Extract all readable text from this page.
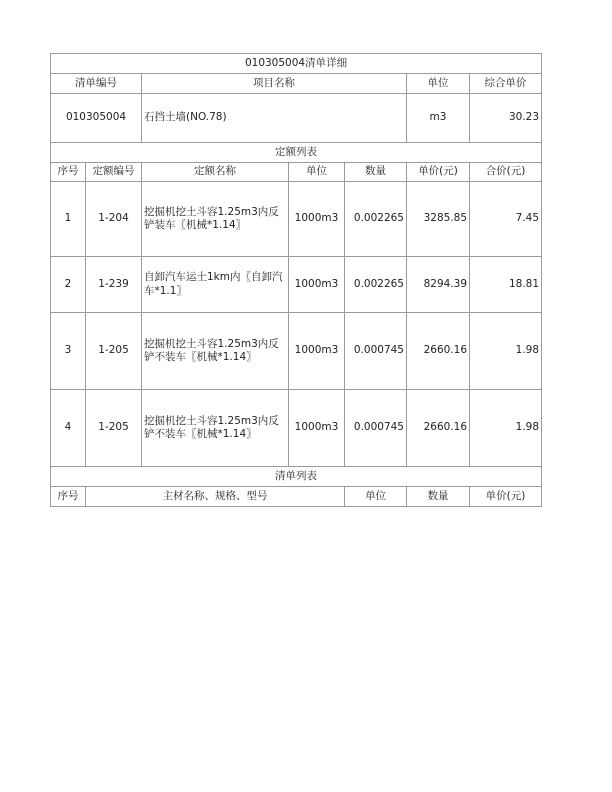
010305004清单详细						
清单编号		项目名称			单位	综合单价
010305004		石挡土墙(NO.78)			m3	30.23
定额列表						
序号	定额编号	定额名称	单位	数量	单价(元)	合价(元)
1	1-204	挖掘机挖土斗容1.25m3内反铲装车〖机械*1.14〗	1000m3	0.002265	3285.85	7.45
2	1-239	自卸汽车运土1km内〖自卸汽车*1.1〗	1000m3	0.002265	8294.39	18.81
3	1-205	挖掘机挖土斗容1.25m3内反铲不装车〖机械*1.14〗	1000m3	0.000745	2660.16	1.98
4	1-205	挖掘机挖土斗容1.25m3内反铲不装车〖机械*1.14〗	1000m3	0.000745	2660.16	1.98
清单列表						
序号	主材名称、规格、型号			单位	数量	单价(元)
